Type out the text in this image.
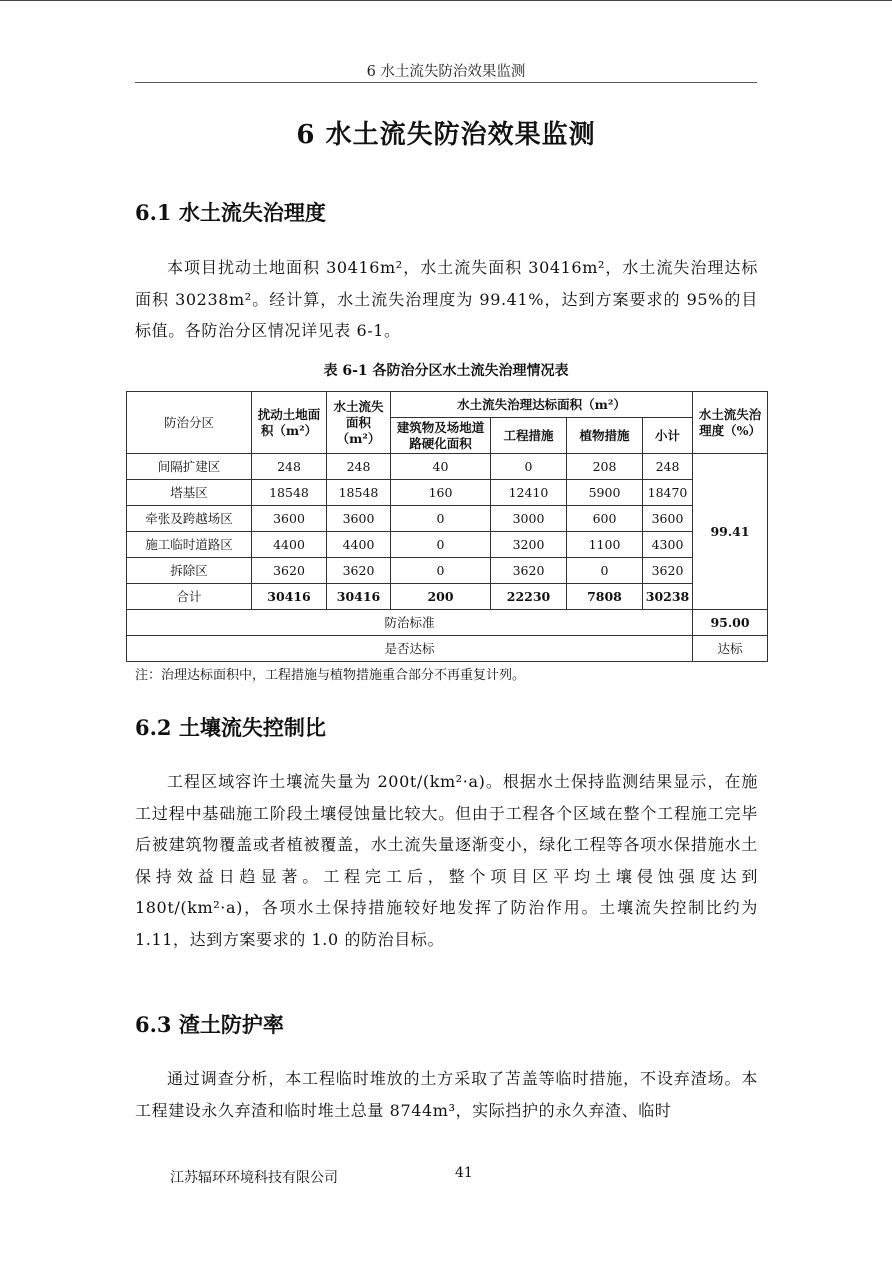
6 水土流失防治效果监测
6 水土流失防治效果监测
6.1 水土流失治理度
本项目扰动土地面积 30416m²，水土流失面积 30416m²，水土流失治理达标面积 30238m²。经计算，水土流失治理度为 99.41%，达到方案要求的 95%的目标值。各防治分区情况详见表 6-1。
表 6-1 各防治分区水土流失治理情况表
防治分区	扰动土地面积（m²）	水土流失面积（m²）	水土流失治理达标面积（m²）				水土流失治理度（%）
			建筑物及场地道路硬化面积	工程措施	植物措施	小计	
间隔扩建区	248	248	40	0	208	248	99.41
塔基区	18548	18548	160	12410	5900	18470	
牵张及跨越场区	3600	3600	0	3000	600	3600	
施工临时道路区	4400	4400	0	3200	1100	4300	
拆除区	3620	3620	0	3620	0	3620	
合计	30416	30416	200	22230	7808	30238	
防治标准							95.00
是否达标							达标
注：治理达标面积中，工程措施与植物措施重合部分不再重复计列。
6.2 土壤流失控制比
工程区域容许土壤流失量为 200t/(km²·a)。根据水土保持监测结果显示，在施工过程中基础施工阶段土壤侵蚀量比较大。但由于工程各个区域在整个工程施工完毕后被建筑物覆盖或者植被覆盖，水土流失量逐渐变小，绿化工程等各项水保措施水土保持效益日趋显著。工程完工后，整个项目区平均土壤侵蚀强度达到 180t/(km²·a)，各项水土保持措施较好地发挥了防治作用。土壤流失控制比约为 1.11，达到方案要求的 1.0 的防治目标。
6.3 渣土防护率
通过调查分析，本工程临时堆放的土方采取了苫盖等临时措施，不设弃渣场。本工程建设永久弃渣和临时堆土总量 8744m³，实际挡护的永久弃渣、临时
江苏辐环环境科技有限公司	41
